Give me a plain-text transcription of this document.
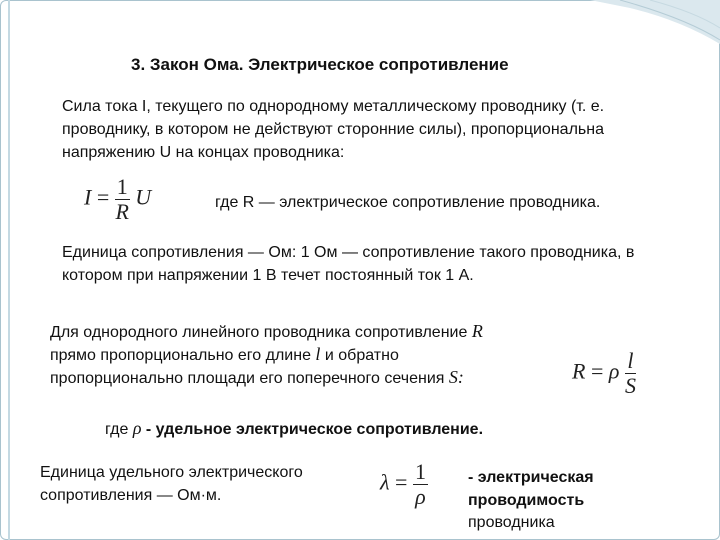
3. Закон Ома. Электрическое сопротивление
Сила тока I, текущего по однородному металлическому проводнику (т. е.
проводнику, в котором не действуют сторонние силы), пропорциональна
напряжению U на концах проводника:
$I = \frac{1}{R}$ U	где R — электрическое сопротивление проводника.
Единица сопротивления — Ом: 1 Ом — сопротивление такого проводника, в
котором при напряжении 1 В течет постоянный ток 1 А.
Для однородного линейного проводника сопротивление R
прямо пропорционально его длине l и обратно
пропорционально площади его поперечного сечения S:	R = ρ $\frac{l}{S}$
где ρ - удельное электрическое сопротивление.
Единица удельного электрического
сопротивления — Ом·м.
$\lambda = \frac{1}{\rho}$	- электрическая
проводимость
проводника
